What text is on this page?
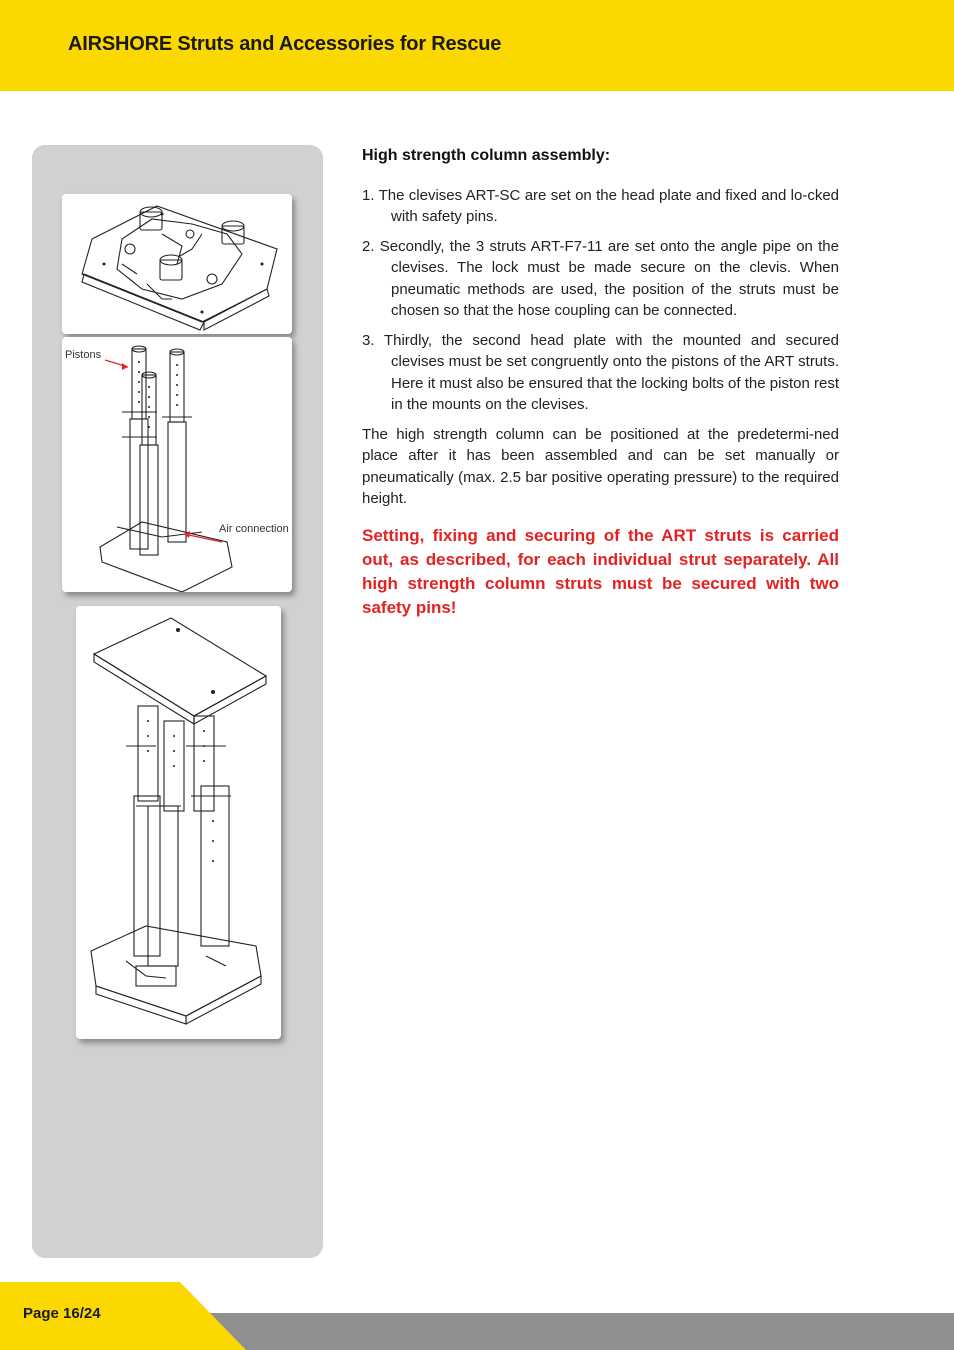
AIRSHORE Struts and Accessories for Rescue
Pistons
Air connection
High strength column assembly:
1. The clevises ART-SC are set on the head plate and fixed and lo-cked with safety pins.
2. Secondly, the 3 struts ART-F7-11 are set onto the angle pipe on the clevises. The lock must be made secure on the clevis. When pneumatic methods are used, the position of the struts must be chosen so that the hose coupling can be connected.
3. Thirdly, the second head plate with the mounted and secured clevises must be set congruently onto the pistons of the ART struts. Here it must also be ensured that the locking bolts of the piston rest in the mounts on the clevises.
The high strength column can be positioned at the predetermi-ned place after it has been assembled and can be set manually or pneumatically (max. 2.5 bar positive operating pressure) to the required height.
Setting, fixing and securing of the ART struts is carried out, as described, for each individual strut separately. All high strength column struts must be secured with two safety pins!
Page 16/24
